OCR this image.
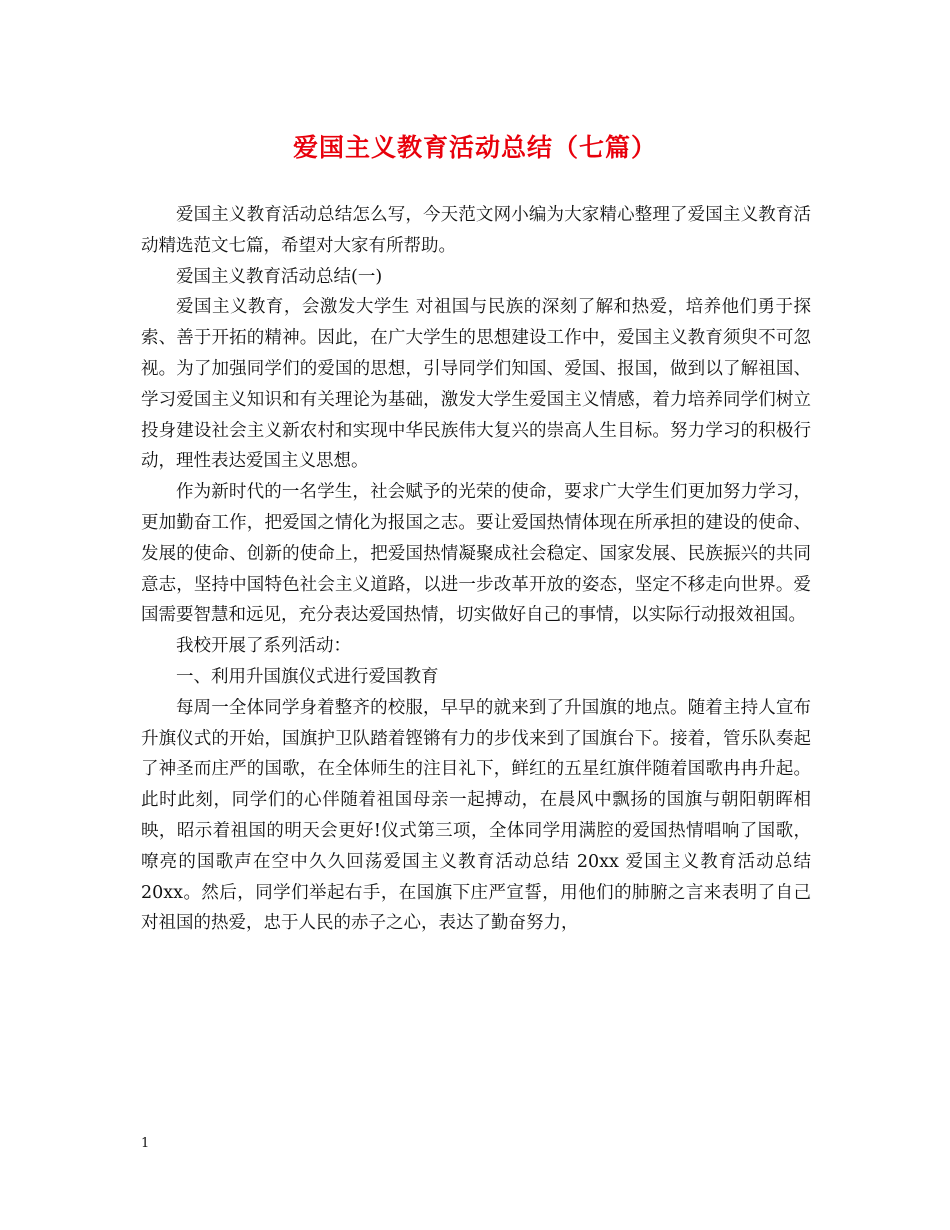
爱国主义教育活动总结（七篇）

爱国主义教育活动总结怎么写，今天范文网小编为大家精心整理了爱国主义教育活动精选范文七篇，希望对大家有所帮助。

爱国主义教育活动总结(一)

爱国主义教育，会激发大学生 对祖国与民族的深刻了解和热爱，培养他们勇于探索、善于开拓的精神。因此，在广大学生的思想建设工作中，爱国主义教育须臾不可忽视。为了加强同学们的爱国的思想，引导同学们知国、爱国、报国，做到以了解祖国、学习爱国主义知识和有关理论为基础，激发大学生爱国主义情感，着力培养同学们树立投身建设社会主义新农村和实现中华民族伟大复兴的崇高人生目标。努力学习的积极行动，理性表达爱国主义思想。

作为新时代的一名学生，社会赋予的光荣的使命，要求广大学生们更加努力学习，更加勤奋工作，把爱国之情化为报国之志。要让爱国热情体现在所承担的建设的使命、发展的使命、创新的使命上，把爱国热情凝聚成社会稳定、国家发展、民族振兴的共同意志，坚持中国特色社会主义道路，以进一步改革开放的姿态，坚定不移走向世界。爱国需要智慧和远见，充分表达爱国热情，切实做好自己的事情，以实际行动报效祖国。

我校开展了系列活动：

一、利用升国旗仪式进行爱国教育

每周一全体同学身着整齐的校服，早早的就来到了升国旗的地点。随着主持人宣布升旗仪式的开始，国旗护卫队踏着铿锵有力的步伐来到了国旗台下。接着，管乐队奏起了神圣而庄严的国歌，在全体师生的注目礼下，鲜红的五星红旗伴随着国歌冉冉升起。此时此刻，同学们的心伴随着祖国母亲一起搏动，在晨风中飘扬的国旗与朝阳朝晖相映，昭示着祖国的明天会更好!仪式第三项，全体同学用满腔的爱国热情唱响了国歌，嘹亮的国歌声在空中久久回荡爱国主义教育活动总结 20xx 爱国主义教育活动总结 20xx。然后，同学们举起右手，在国旗下庄严宣誓，用他们的肺腑之言来表明了自己对祖国的热爱，忠于人民的赤子之心，表达了勤奋努力，

1
